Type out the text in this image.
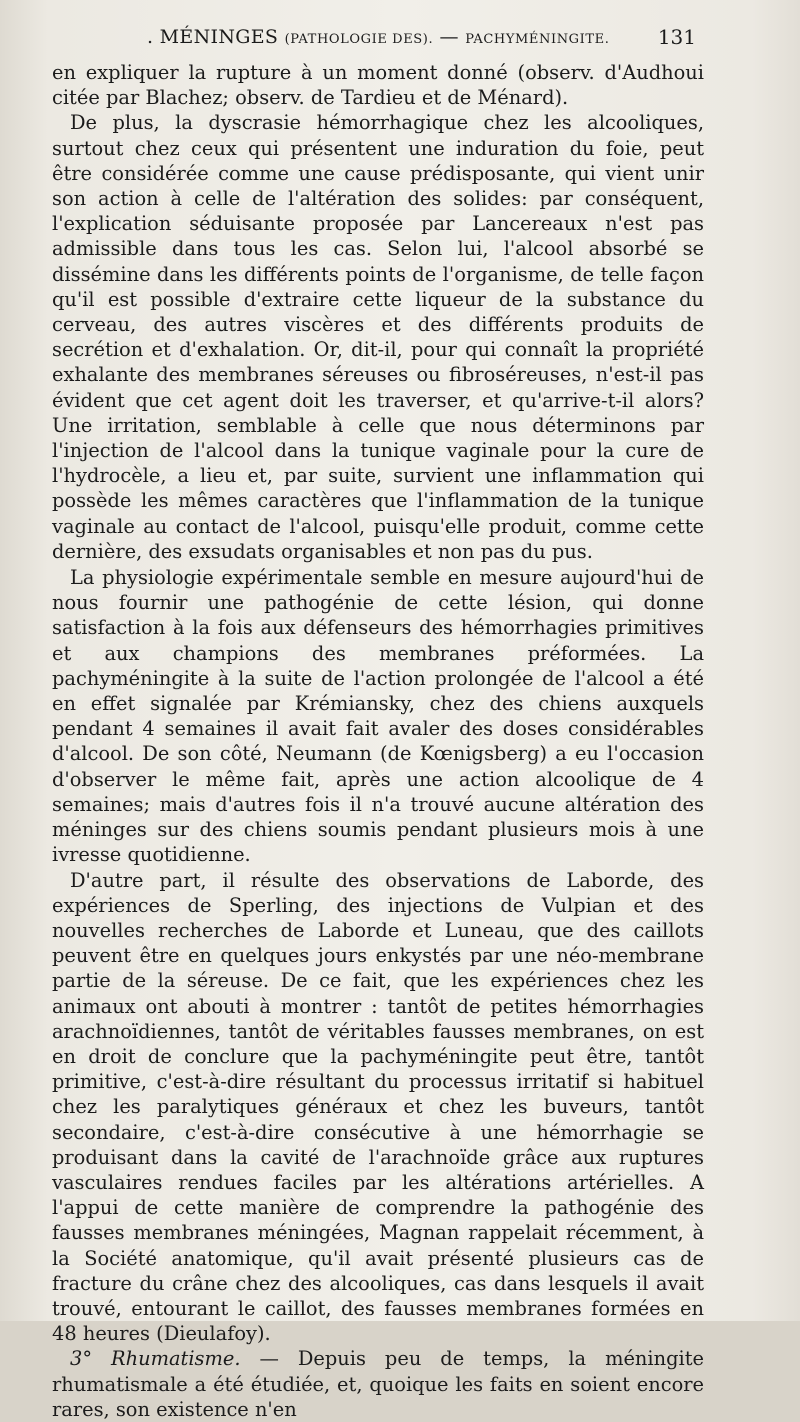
. MÉNINGES (PATHOLOGIE DES). — PACHYMÉNINGITE. 131

en expliquer la rupture à un moment donné (observ. d'Audhoui citée par Blachez; observ. de Tardieu et de Ménard).

De plus, la dyscrasie hémorrhagique chez les alcooliques, surtout chez ceux qui présentent une induration du foie, peut être considérée comme une cause prédisposante, qui vient unir son action à celle de l'altération des solides: par conséquent, l'explication séduisante proposée par Lancereaux n'est pas admissible dans tous les cas. Selon lui, l'alcool absorbé se dissémine dans les différents points de l'organisme, de telle façon qu'il est possible d'extraire cette liqueur de la substance du cerveau, des autres viscères et des différents produits de secrétion et d'exhalation. Or, dit-il, pour qui connaît la propriété exhalante des membranes séreuses ou fibroséreuses, n'est-il pas évident que cet agent doit les traverser, et qu'arrive-t-il alors? Une irritation, semblable à celle que nous déterminons par l'injection de l'alcool dans la tunique vaginale pour la cure de l'hydrocèle, a lieu et, par suite, survient une inflammation qui possède les mêmes caractères que l'inflammation de la tunique vaginale au contact de l'alcool, puisqu'elle produit, comme cette dernière, des exsudats organisables et non pas du pus.

La physiologie expérimentale semble en mesure aujourd'hui de nous fournir une pathogénie de cette lésion, qui donne satisfaction à la fois aux défenseurs des hémorrhagies primitives et aux champions des membranes préformées. La pachyméningite à la suite de l'action prolongée de l'alcool a été en effet signalée par Krémiansky, chez des chiens auxquels pendant 4 semaines il avait fait avaler des doses considérables d'alcool. De son côté, Neumann (de Kœnigsberg) a eu l'occasion d'observer le même fait, après une action alcoolique de 4 semaines; mais d'autres fois il n'a trouvé aucune altération des méninges sur des chiens soumis pendant plusieurs mois à une ivresse quotidienne.

D'autre part, il résulte des observations de Laborde, des expériences de Sperling, des injections de Vulpian et des nouvelles recherches de Laborde et Luneau, que des caillots peuvent être en quelques jours enkystés par une néo-membrane partie de la séreuse. De ce fait, que les expériences chez les animaux ont abouti à montrer : tantôt de petites hémorrhagies arachnoïdiennes, tantôt de véritables fausses membranes, on est en droit de conclure que la pachyméningite peut être, tantôt primitive, c'est-à-dire résultant du processus irritatif si habituel chez les paralytiques généraux et chez les buveurs, tantôt secondaire, c'est-à-dire consécutive à une hémorrhagie se produisant dans la cavité de l'arachnoïde grâce aux ruptures vasculaires rendues faciles par les altérations artérielles. A l'appui de cette manière de comprendre la pathogénie des fausses membranes méningées, Magnan rappelait récemment, à la Société anatomique, qu'il avait présenté plusieurs cas de fracture du crâne chez des alcooliques, cas dans lesquels il avait trouvé, entourant le caillot, des fausses membranes formées en 48 heures (Dieulafoy).

3° Rhumatisme. — Depuis peu de temps, la méningite rhumatismale a été étudiée, et, quoique les faits en soient encore rares, son existence n'en
